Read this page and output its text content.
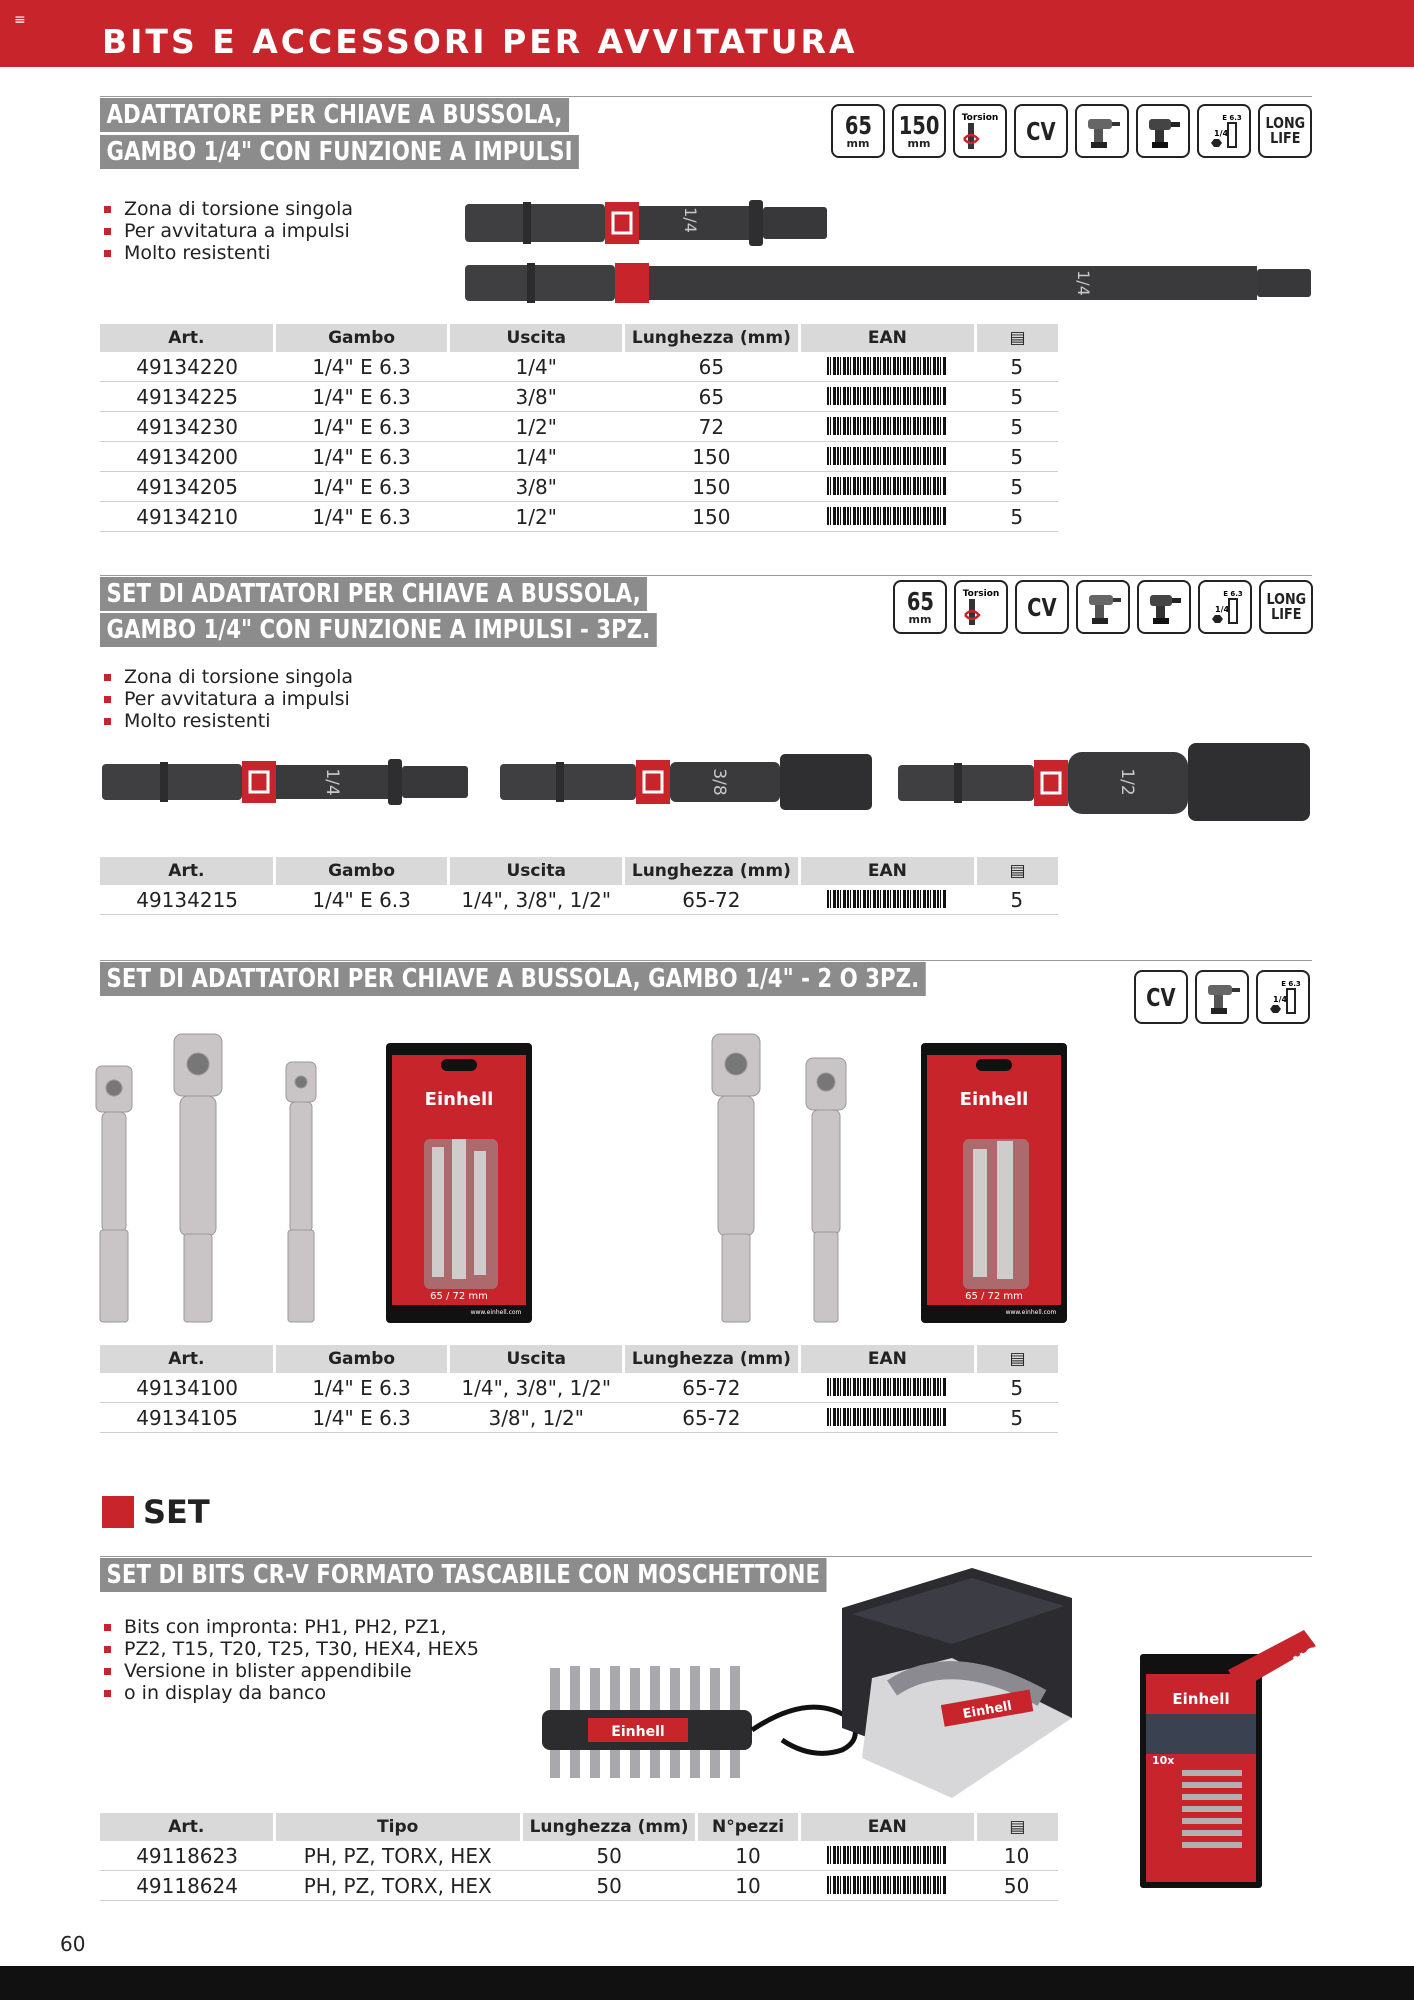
≡
BITS E ACCESSORI PER AVVITATURA
ADATTATORE PER CHIAVE A BUSSOLA,
GAMBO 1/4" CON FUNZIONE A IMPULSI
65
mm
150
mm
Torsion CV	E 6.3
1/4
LONG
LIFE
Zona di torsione singola
Per avvitatura a impulsi
Molto resistenti
1/4
1/4
Art.	Gambo	Uscita	Lunghezza (mm)	EAN	▤
49134220	1/4" E 6.3	1/4"	65		5
49134225	1/4" E 6.3	3/8"	65		5
49134230	1/4" E 6.3	1/2"	72		5
49134200	1/4" E 6.3	1/4"	150		5
49134205	1/4" E 6.3	3/8"	150		5
49134210	1/4" E 6.3	1/2"	150		5
SET DI ADATTATORI PER CHIAVE A BUSSOLA,
GAMBO 1/4" CON FUNZIONE A IMPULSI - 3PZ.
65
mm
Torsion CV	E 6.3
1/4
LONG
LIFE
Zona di torsione singola
Per avvitatura a impulsi
Molto resistenti
1/4	3/8	1/2
Art.	Gambo	Uscita	Lunghezza (mm)	EAN	▤
49134215	1/4" E 6.3	1/4", 3/8", 1/2"	65-72		5
SET DI ADATTATORI PER CHIAVE A BUSSOLA, GAMBO 1/4" - 2 O 3PZ.
CV	E 6.3
1/4
Einhell
65 / 72 mm
www.einhell.com
Einhell
65 / 72 mm
www.einhell.com
Art.	Gambo	Uscita	Lunghezza (mm)	EAN	▤
49134100	1/4" E 6.3	1/4", 3/8", 1/2"	65-72		5
49134105	1/4" E 6.3	3/8", 1/2"	65-72		5
SET
SET DI BITS CR-V FORMATO TASCABILE CON MOSCHETTONE
Bits con impronta: PH1, PH2, PZ1,
PZ2, T15, T20, T25, T30, HEX4, HEX5
Versione in blister appendibile
o in display da banco
Einhell
Einhell	Einhell
10x
NOVITÀ
Art.	Tipo	Lunghezza (mm)	N°pezzi	EAN	▤
49118623	PH, PZ, TORX, HEX	50	10		10
49118624	PH, PZ, TORX, HEX	50	10		50
60
